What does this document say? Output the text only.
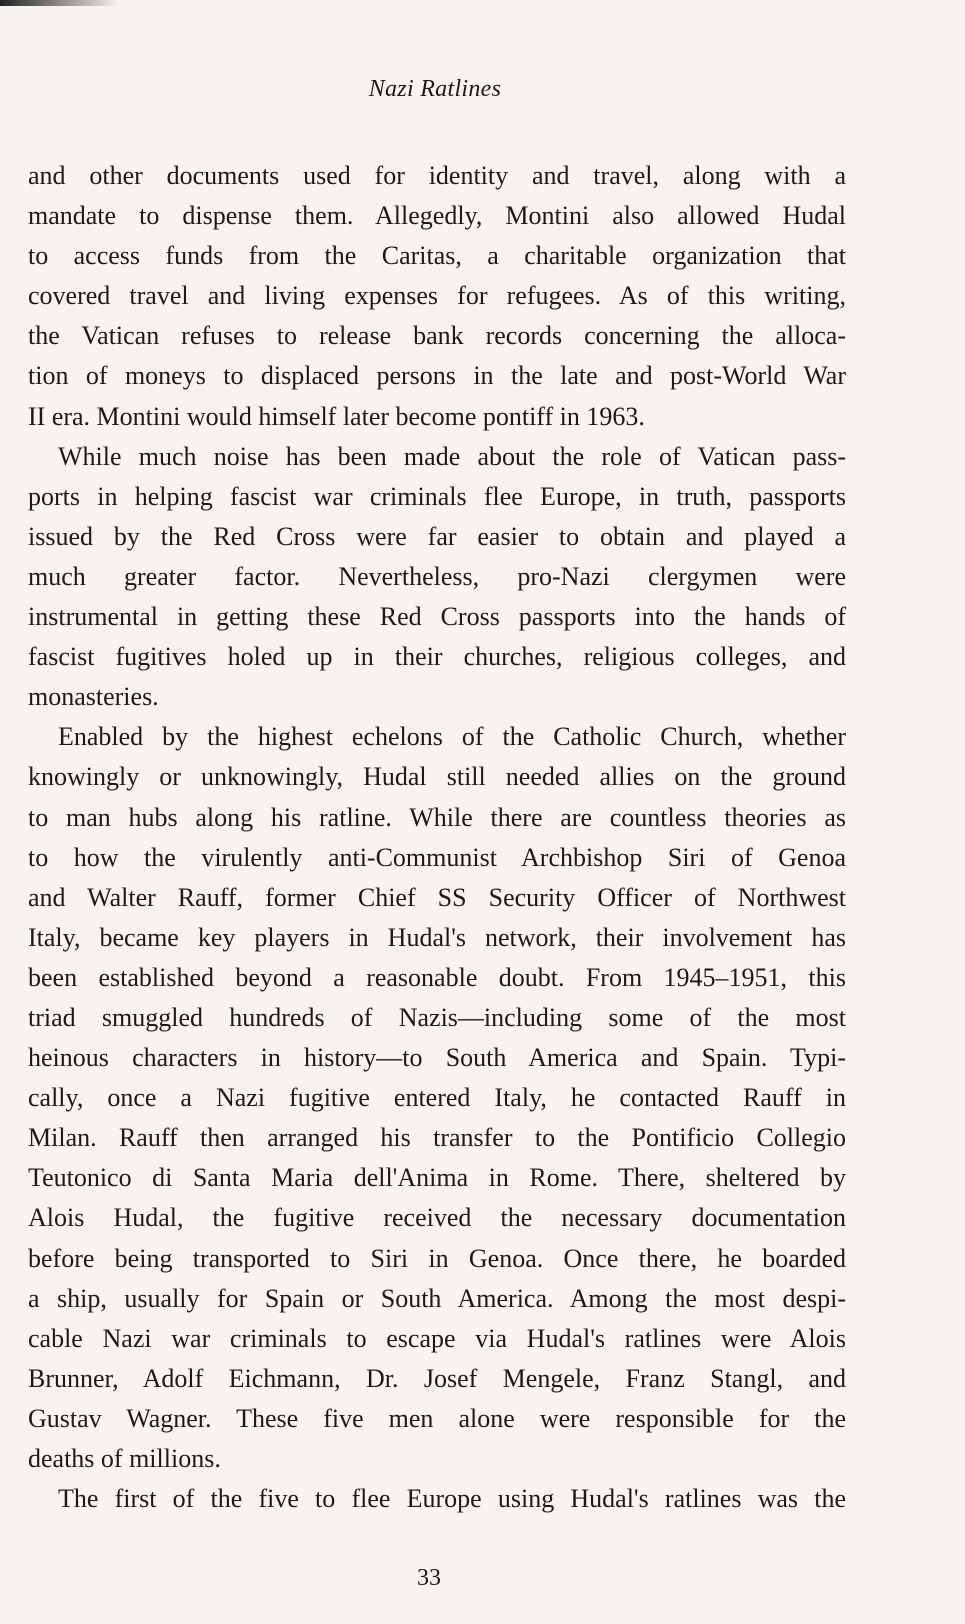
Nazi Ratlines
and other documents used for identity and travel, along with a
mandate to dispense them. Allegedly, Montini also allowed Hudal
to access funds from the Caritas, a charitable organization that
covered travel and living expenses for refugees. As of this writing,
the Vatican refuses to release bank records concerning the alloca-
tion of moneys to displaced persons in the late and post-World War
II era. Montini would himself later become pontiff in 1963.
While much noise has been made about the role of Vatican pass-
ports in helping fascist war criminals flee Europe, in truth, passports
issued by the Red Cross were far easier to obtain and played a
much greater factor. Nevertheless, pro-Nazi clergymen were
instrumental in getting these Red Cross passports into the hands of
fascist fugitives holed up in their churches, religious colleges, and
monasteries.
Enabled by the highest echelons of the Catholic Church, whether
knowingly or unknowingly, Hudal still needed allies on the ground
to man hubs along his ratline. While there are countless theories as
to how the virulently anti-Communist Archbishop Siri of Genoa
and Walter Rauff, former Chief SS Security Officer of Northwest
Italy, became key players in Hudal's network, their involvement has
been established beyond a reasonable doubt. From 1945–1951, this
triad smuggled hundreds of Nazis—including some of the most
heinous characters in history—to South America and Spain. Typi-
cally, once a Nazi fugitive entered Italy, he contacted Rauff in
Milan. Rauff then arranged his transfer to the Pontificio Collegio
Teutonico di Santa Maria dell'Anima in Rome. There, sheltered by
Alois Hudal, the fugitive received the necessary documentation
before being transported to Siri in Genoa. Once there, he boarded
a ship, usually for Spain or South America. Among the most despi-
cable Nazi war criminals to escape via Hudal's ratlines were Alois
Brunner, Adolf Eichmann, Dr. Josef Mengele, Franz Stangl, and
Gustav Wagner. These five men alone were responsible for the
deaths of millions.
The first of the five to flee Europe using Hudal's ratlines was the
33
